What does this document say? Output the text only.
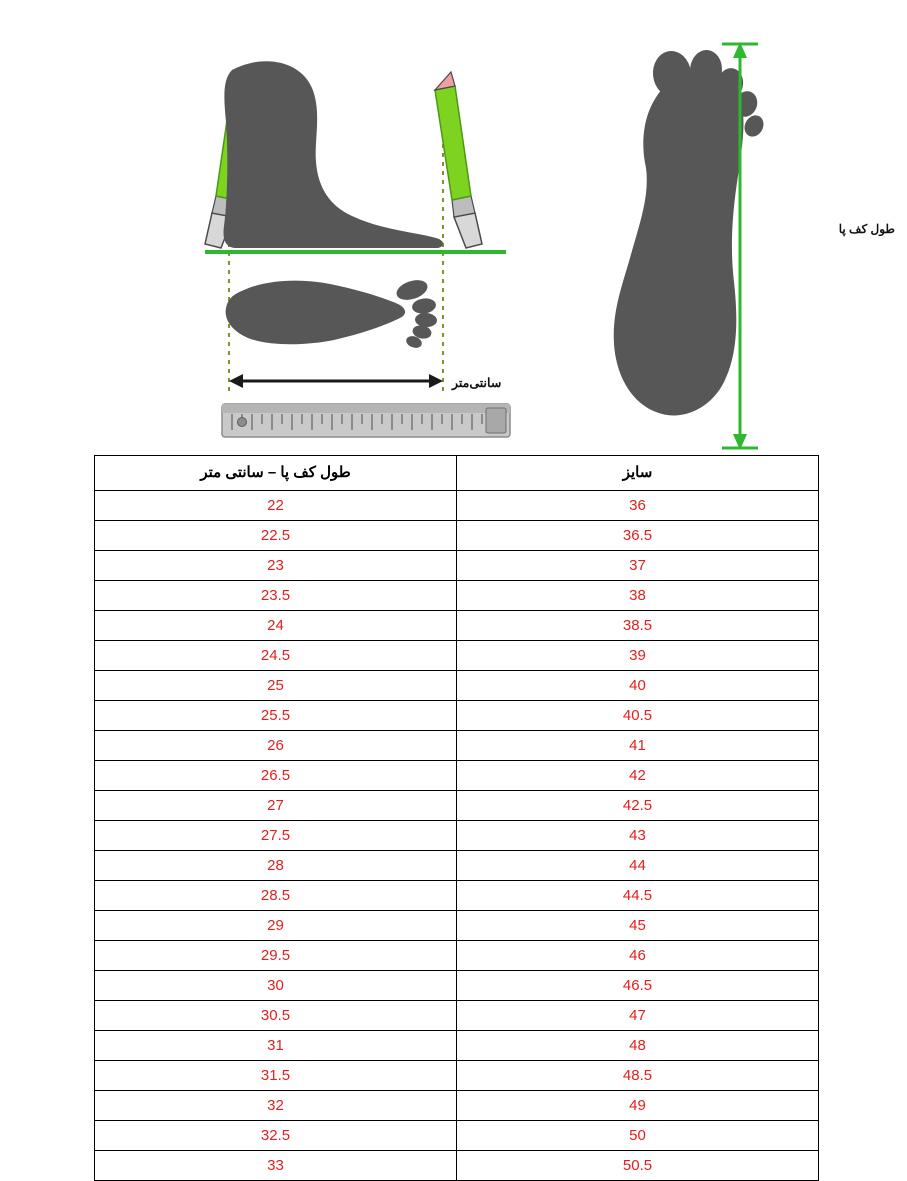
طول کف پا
سانتی‌متر
طول کف پا – سانتی متر	سایز
22	36
22.5	36.5
23	37
23.5	38
24	38.5
24.5	39
25	40
25.5	40.5
26	41
26.5	42
27	42.5
27.5	43
28	44
28.5	44.5
29	45
29.5	46
30	46.5
30.5	47
31	48
31.5	48.5
32	49
32.5	50
33	50.5
